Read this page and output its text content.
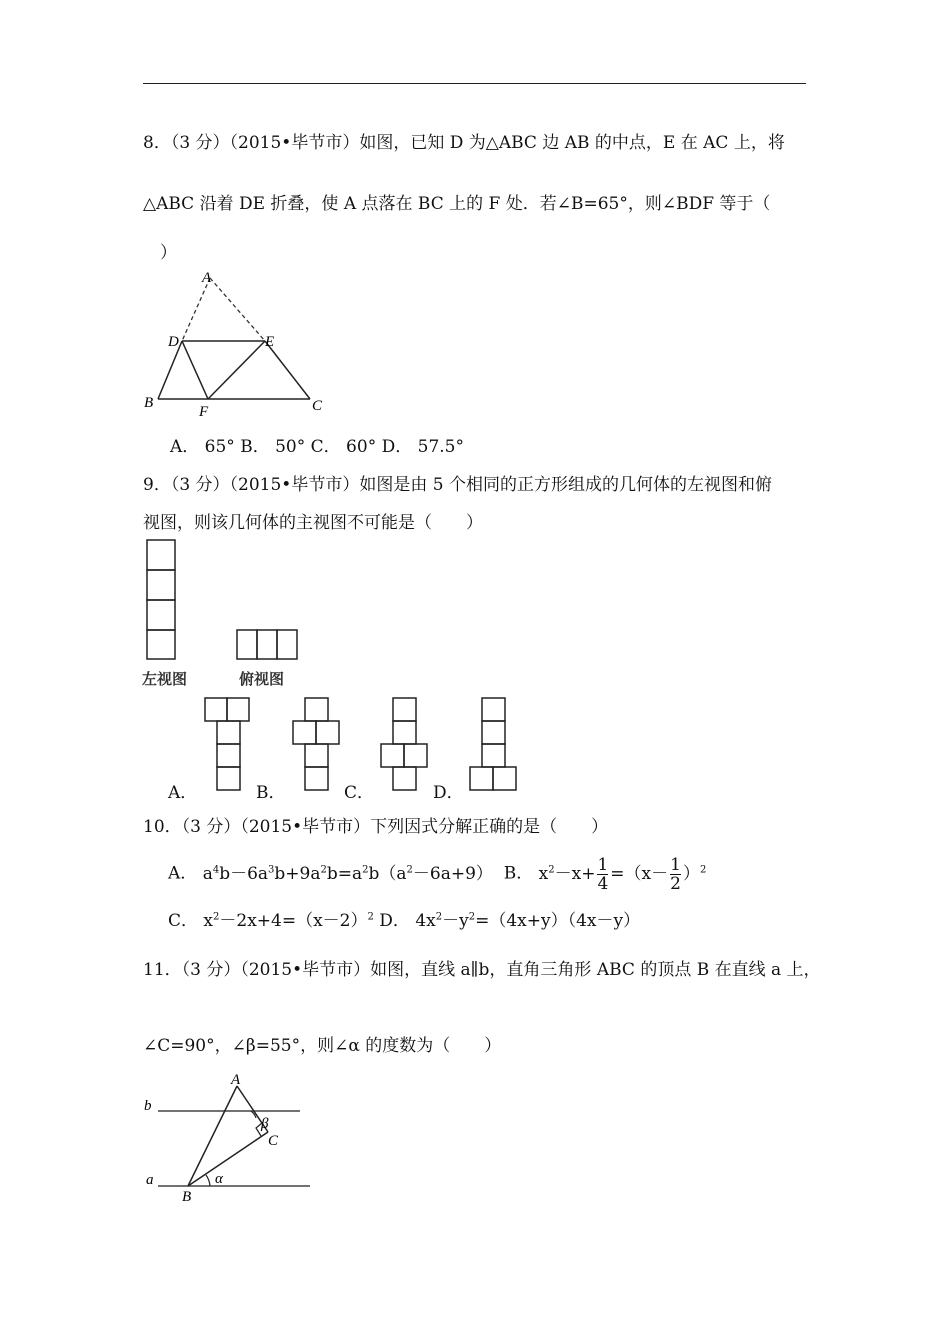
8．（3 分）（2015•毕节市）如图，已知 D 为△ABC 边 AB 的中点，E 在 AC 上，将
△ABC 沿着 DE 折叠，使 A 点落在 BC 上的 F 处．若∠B=65°，则∠BDF 等于（
）
A
D	E
B
F	C
A． 65° B． 50° C． 60° D． 57.5°
9．（3 分）（2015•毕节市）如图是由 5 个相同的正方形组成的几何体的左视图和俯
视图，则该几何体的主视图不可能是（　　）
左视图	俯视图
A．	B．	C．	D．
10．（3 分）（2015•毕节市）下列因式分解正确的是（　　）
A． $a^4b-6a^3b+9a^2b=a^2b(a^2-6a+9)$ B． $x^2-x+ \frac{1}{4} =(x- \frac{1}{2} )^2$
C． $x^2-2x+4=(x-2)^2$ D． $4x^2-y^2=(4x+y)(4x-y)$
11．（3 分）（2015•毕节市）如图，直线 a∥b，直角三角形 ABC 的顶点 B 在直线 a 上，
∠C=90°，∠β=55°，则∠α 的度数为（　　）
A
b
β
C
a	α
B
